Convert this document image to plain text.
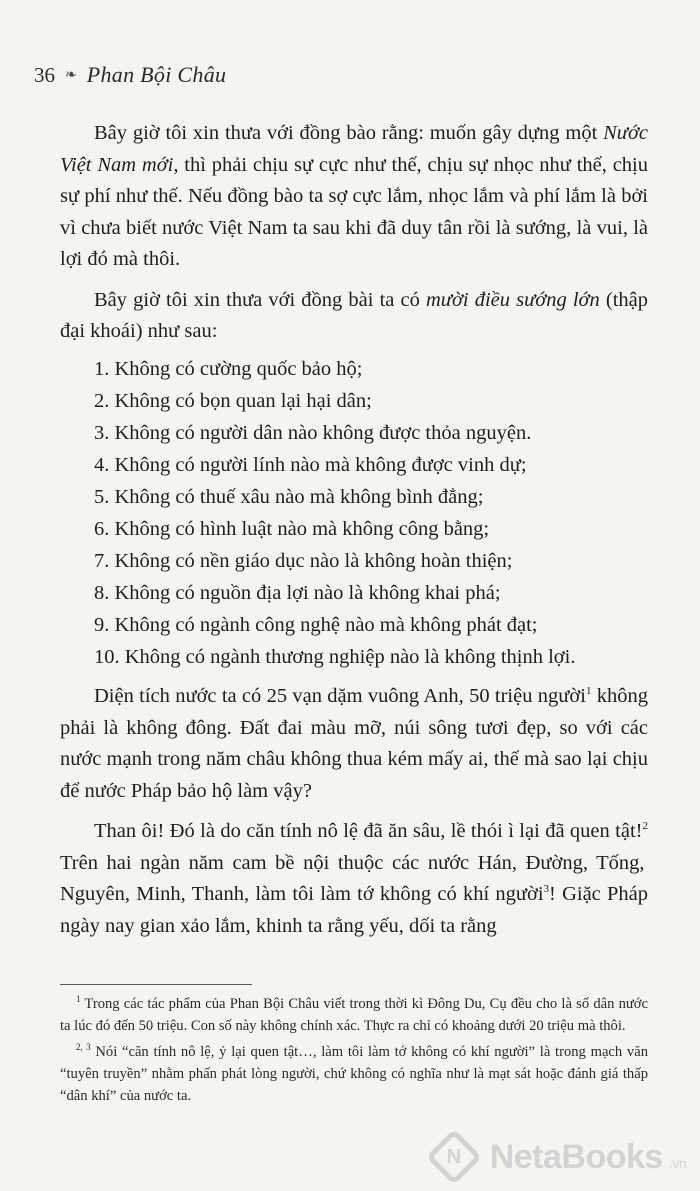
36 ❧ Phan Bội Châu

Bây giờ tôi xin thưa với đồng bào rằng: muốn gây dựng một Nước Việt Nam mới, thì phải chịu sự cực như thế, chịu sự nhọc như thế, chịu sự phí như thế. Nếu đồng bào ta sợ cực lắm, nhọc lắm và phí lắm là bởi vì chưa biết nước Việt Nam ta sau khi đã duy tân rồi là sướng, là vui, là lợi đó mà thôi.

Bây giờ tôi xin thưa với đồng bài ta có mười điều sướng lớn (thập đại khoái) như sau:

1. Không có cường quốc bảo hộ;
2. Không có bọn quan lại hại dân;
3. Không có người dân nào không được thỏa nguyện.
4. Không có người lính nào mà không được vinh dự;
5. Không có thuế xâu nào mà không bình đẳng;
6. Không có hình luật nào mà không công bằng;
7. Không có nền giáo dục nào là không hoàn thiện;
8. Không có nguồn địa lợi nào là không khai phá;
9. Không có ngành công nghệ nào mà không phát đạt;
10. Không có ngành thương nghiệp nào là không thịnh lợi.

Diện tích nước ta có 25 vạn dặm vuông Anh, 50 triệu người$^1$ không phải là không đông. Đất đai màu mỡ, núi sông tươi đẹp, so với các nước mạnh trong năm châu không thua kém mấy ai, thế mà sao lại chịu để nước Pháp bảo hộ làm vậy?

Than ôi! Đó là do căn tính nô lệ đã ăn sâu, lề thói ì lại đã quen tật!$^2$ Trên hai ngàn năm cam bề nội thuộc các nước Hán, Đường, Tống, Nguyên, Minh, Thanh, làm tôi làm tớ không có khí người$^3$! Giặc Pháp ngày nay gian xảo lắm, khinh ta rằng yếu, dối ta rằng

$^1$ Trong các tác phẩm của Phan Bội Châu viết trong thời kì Đông Du, Cụ đều cho là số dân nước ta lúc đó đến 50 triệu. Con số này không chính xác. Thực ra chỉ có khoảng dưới 20 triệu mà thôi.

$^{2, 3}$ Nói “căn tính nô lệ, ỷ lại quen tật…, làm tôi làm tớ không có khí người” là trong mạch văn “tuyên truyền” nhằm phấn phát lòng người, chứ không có nghĩa như là mạt sát hoặc đánh giá thấp “dân khí” của nước ta.

N NetaBooks .vn
